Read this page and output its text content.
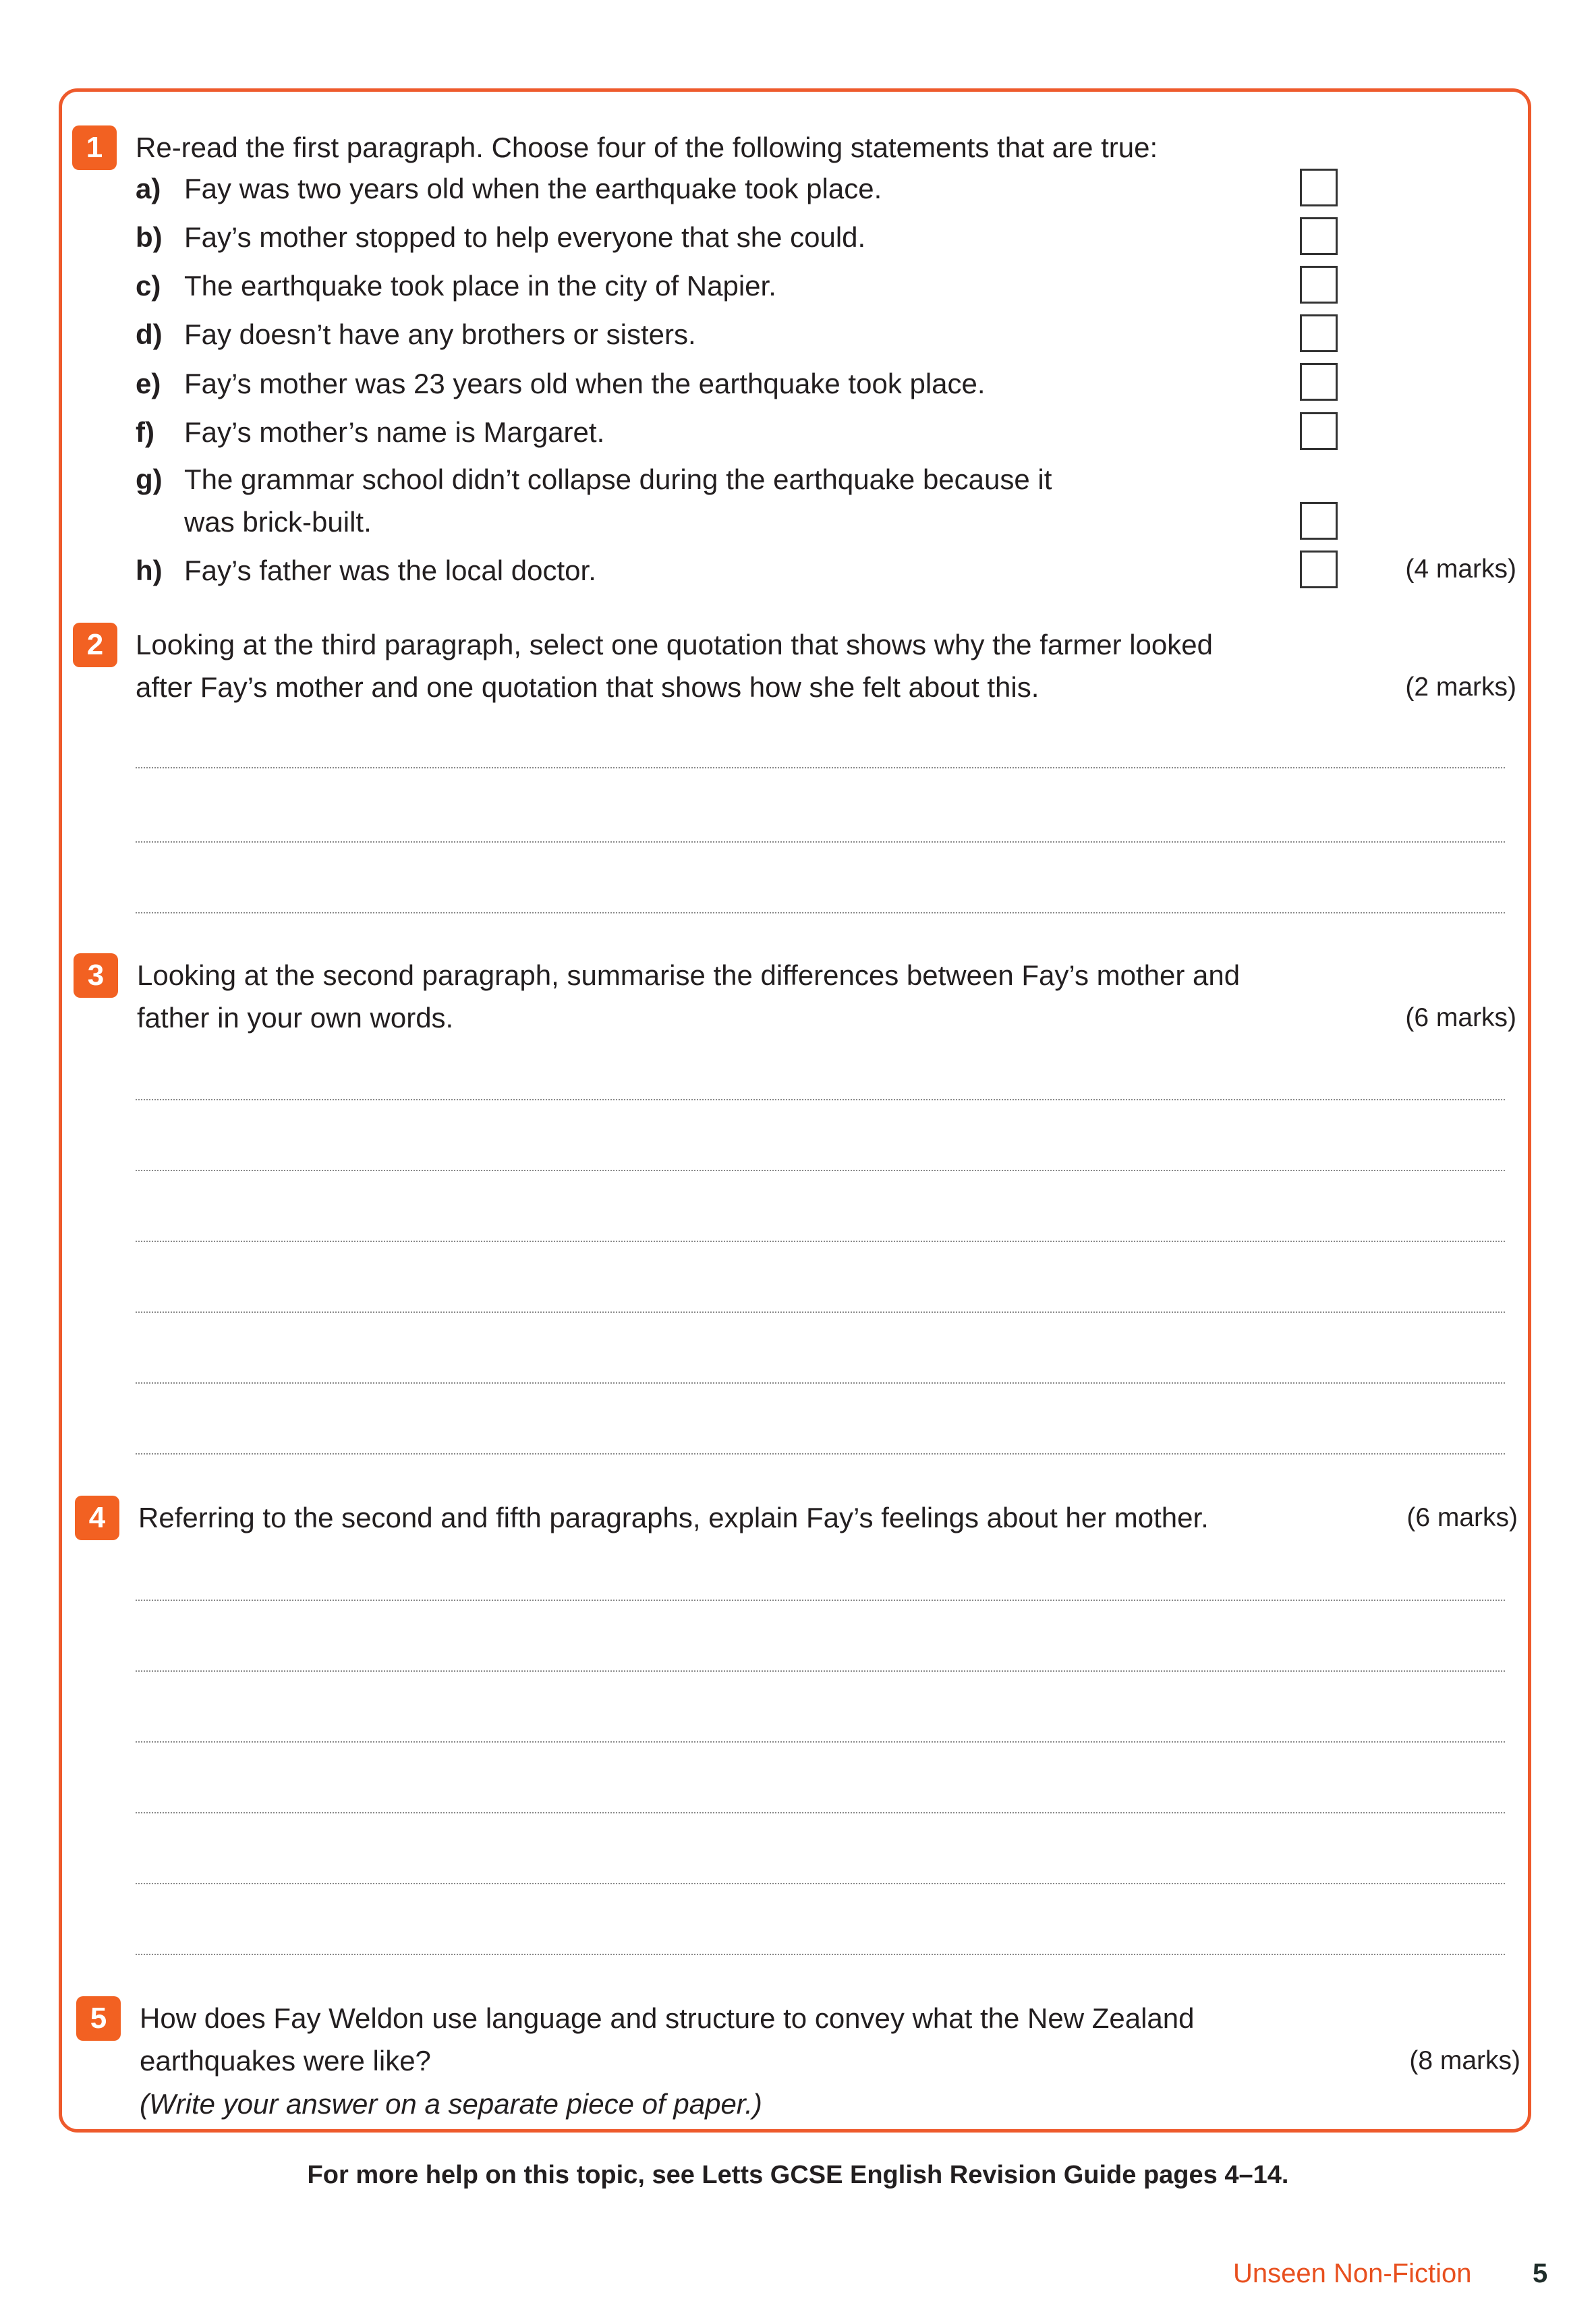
1	Re-read the first paragraph. Choose four of the following statements that are true:
a) Fay was two years old when the earthquake took place.
b) Fay’s mother stopped to help everyone that she could.
c) The earthquake took place in the city of Napier.
d) Fay doesn’t have any brothers or sisters.
e) Fay’s mother was 23 years old when the earthquake took place.
f) Fay’s mother’s name is Margaret.
g) The grammar school didn’t collapse during the earthquake because it
was brick-built.
h) Fay’s father was the local doctor.	(4 marks)
2	Looking at the third paragraph, select one quotation that shows why the farmer looked
after Fay’s mother and one quotation that shows how she felt about this.	(2 marks)
3	Looking at the second paragraph, summarise the differences between Fay’s mother and
father in your own words.	(6 marks)
4	Referring to the second and fifth paragraphs, explain Fay’s feelings about her mother.	(6 marks)
5	How does Fay Weldon use language and structure to convey what the New Zealand
earthquakes were like?
(Write your answer on a separate piece of paper.)
(8 marks)
For more help on this topic, see Letts GCSE English Revision Guide pages 4–14.
Unseen Non-Fiction 5
